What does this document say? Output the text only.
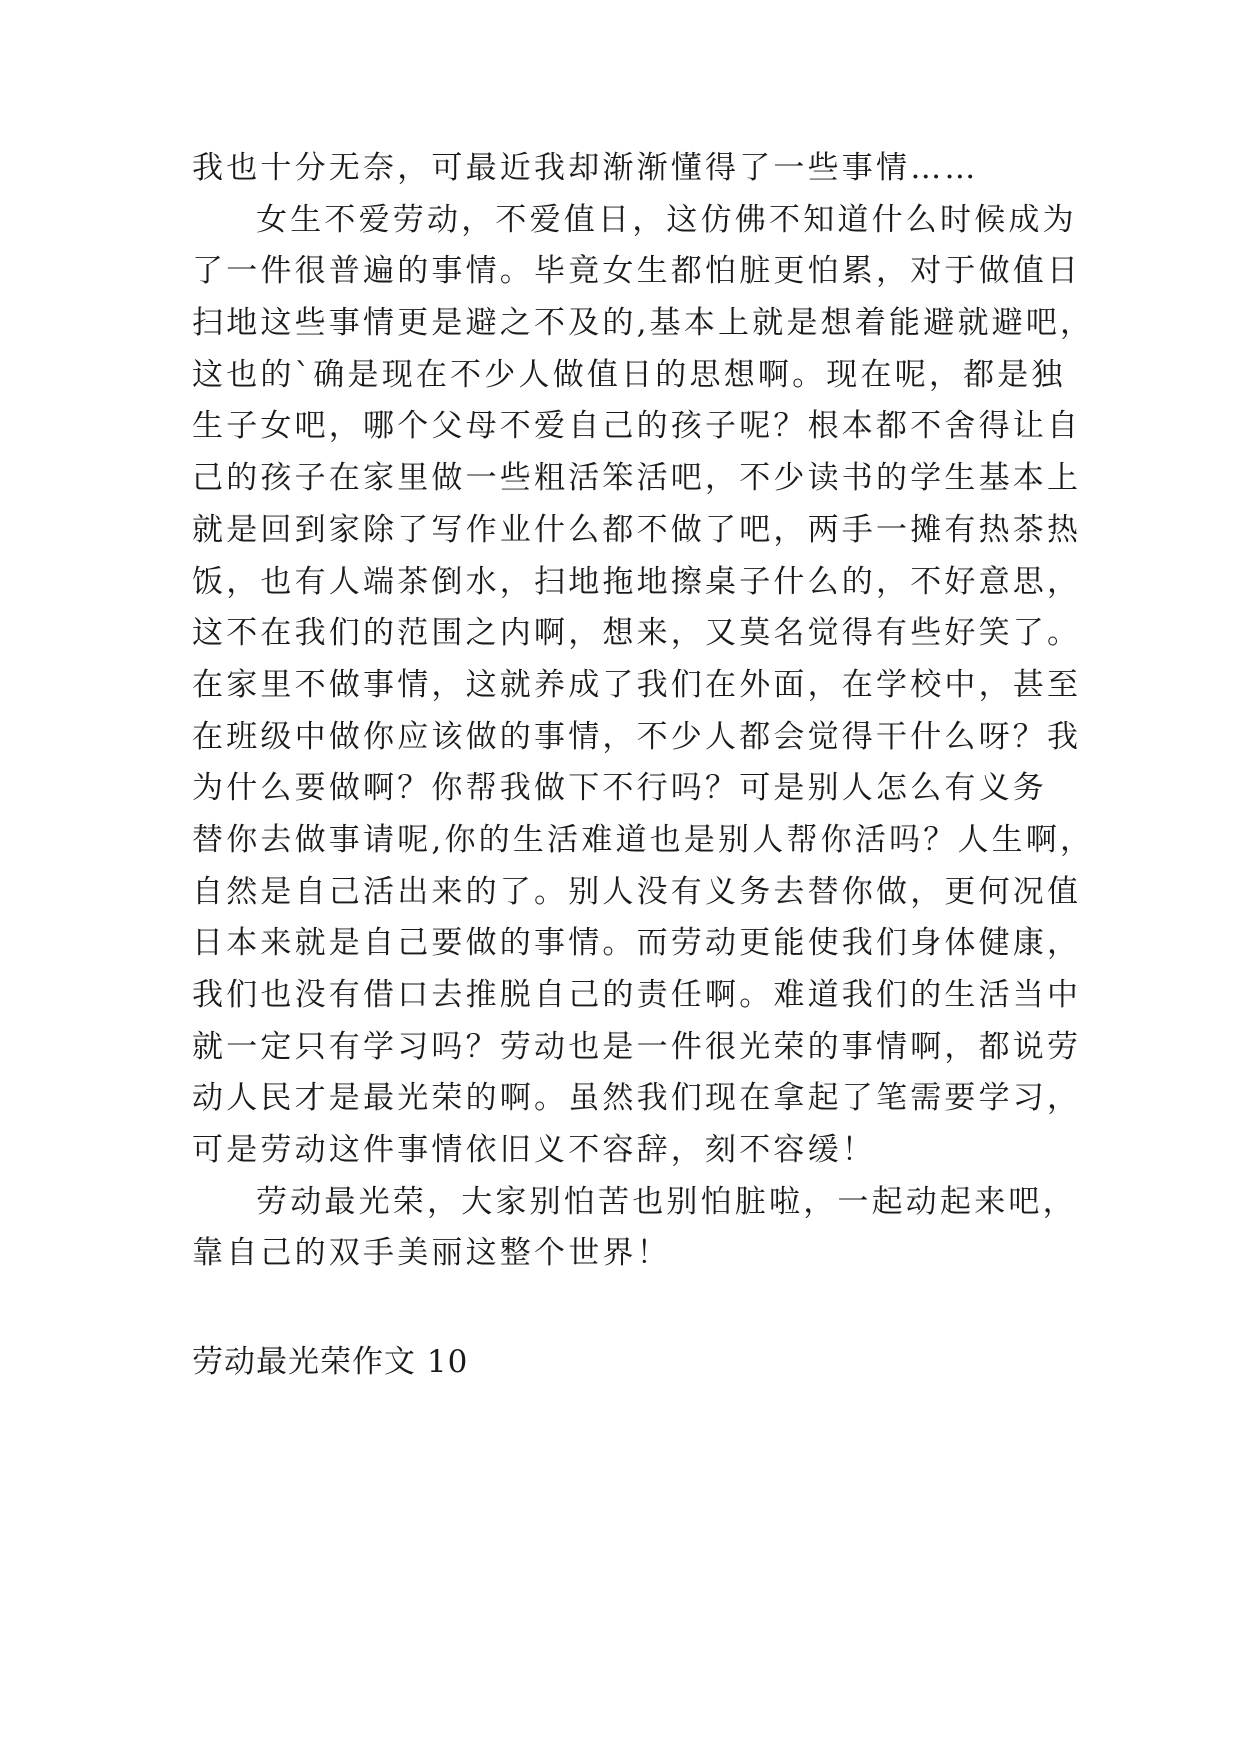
我也十分无奈，可最近我却渐渐懂得了一些事情……
女生不爱劳动，不爱值日，这仿佛不知道什么时候成为
了一件很普遍的事情。毕竟女生都怕脏更怕累，对于做值日
扫地这些事情更是避之不及的,基本上就是想着能避就避吧，
这也的`确是现在不少人做值日的思想啊。现在呢，都是独
生子女吧，哪个父母不爱自己的孩子呢？根本都不舍得让自
己的孩子在家里做一些粗活笨活吧，不少读书的学生基本上
就是回到家除了写作业什么都不做了吧，两手一摊有热茶热
饭，也有人端茶倒水，扫地拖地擦桌子什么的，不好意思，
这不在我们的范围之内啊，想来，又莫名觉得有些好笑了。
在家里不做事情，这就养成了我们在外面，在学校中，甚至
在班级中做你应该做的事情，不少人都会觉得干什么呀？我
为什么要做啊？你帮我做下不行吗？可是别人怎么有义务
替你去做事请呢,你的生活难道也是别人帮你活吗？人生啊，
自然是自己活出来的了。别人没有义务去替你做，更何况值
日本来就是自己要做的事情。而劳动更能使我们身体健康，
我们也没有借口去推脱自己的责任啊。难道我们的生活当中
就一定只有学习吗？劳动也是一件很光荣的事情啊，都说劳
动人民才是最光荣的啊。虽然我们现在拿起了笔需要学习，
可是劳动这件事情依旧义不容辞，刻不容缓！
劳动最光荣，大家别怕苦也别怕脏啦，一起动起来吧，
靠自己的双手美丽这整个世界！
劳动最光荣作文 10
